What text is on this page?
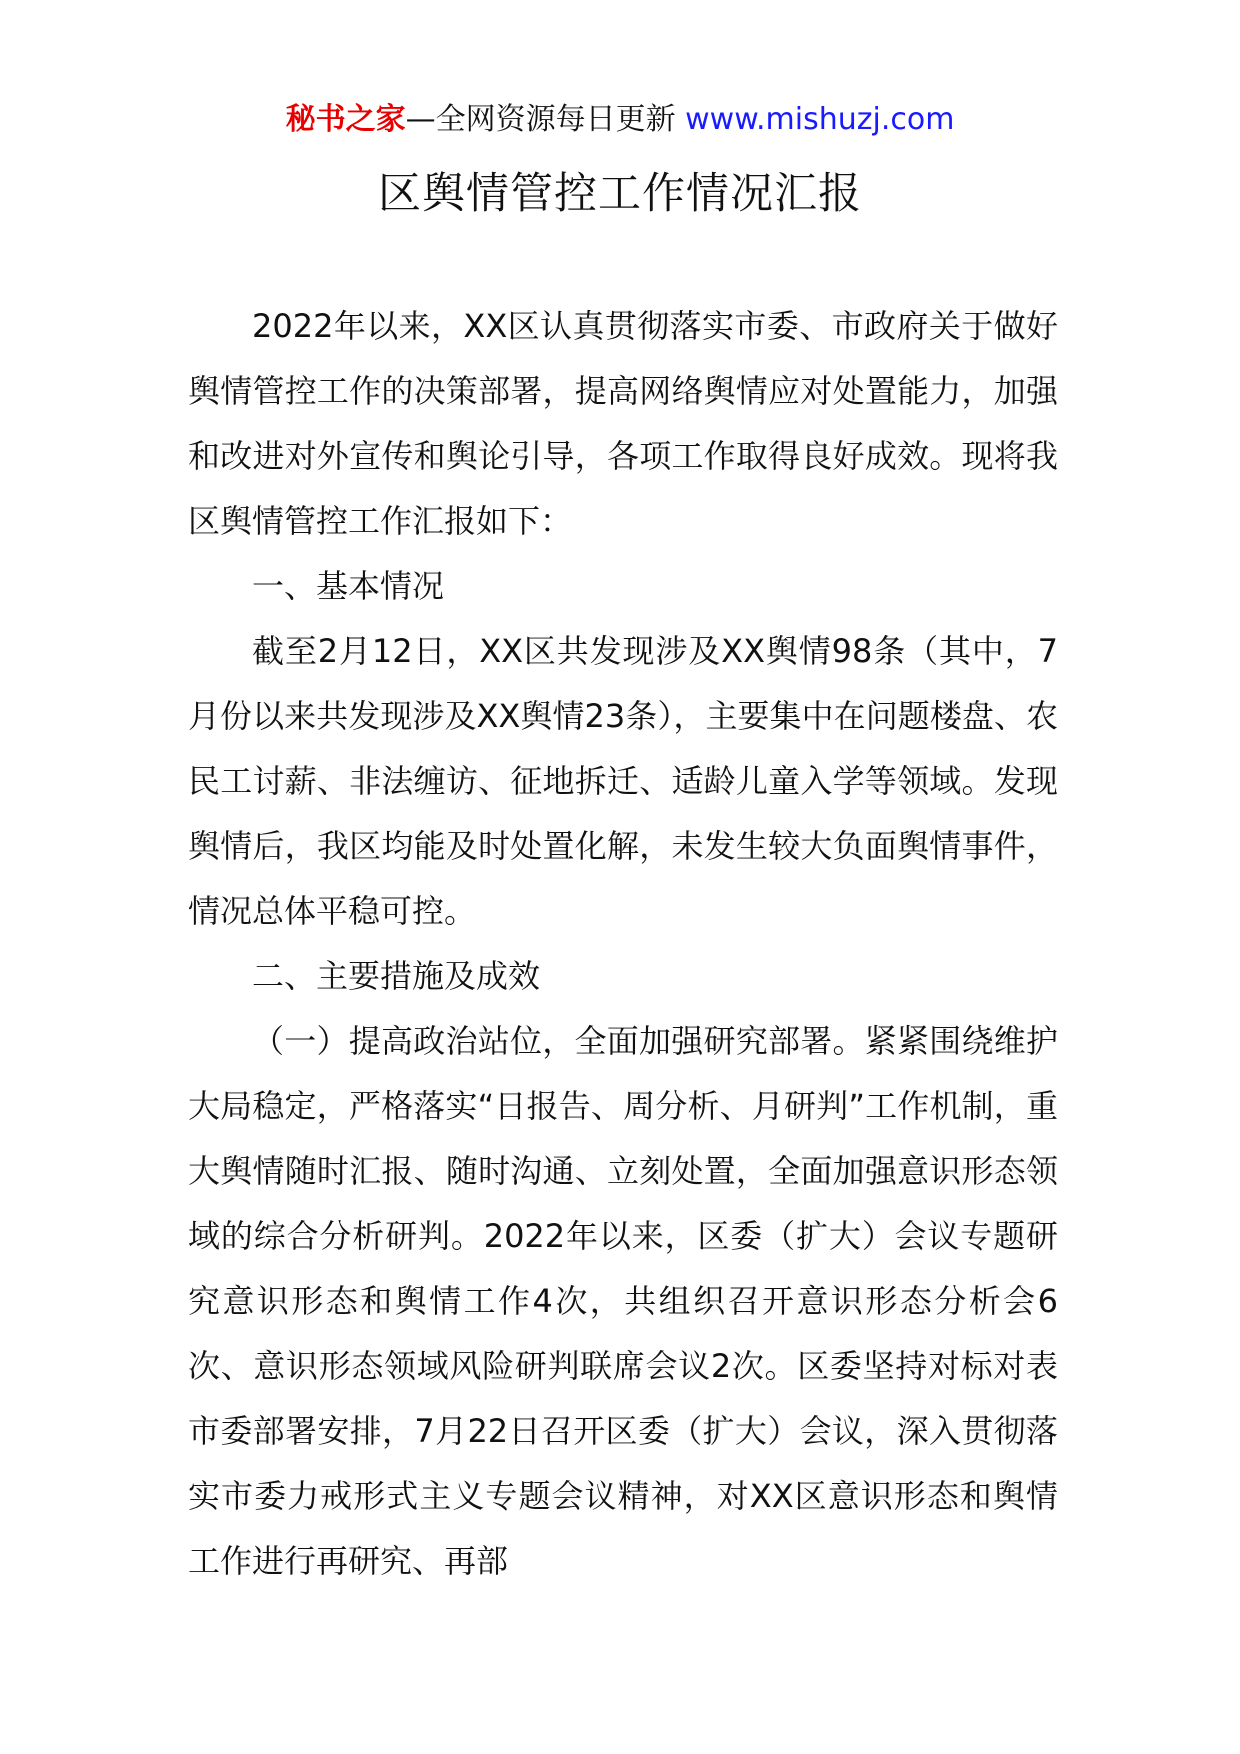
秘书之家—全网资源每日更新 www.mishuzj.com
区舆情管控工作情况汇报

2022年以来，XX区认真贯彻落实市委、市政府关于做好舆情管控工作的决策部署，提高网络舆情应对处置能力，加强和改进对外宣传和舆论引导，各项工作取得良好成效。现将我区舆情管控工作汇报如下：

一、基本情况

截至2月12日，XX区共发现涉及XX舆情98条（其中，7月份以来共发现涉及XX舆情23条），主要集中在问题楼盘、农民工讨薪、非法缠访、征地拆迁、适龄儿童入学等领域。发现舆情后，我区均能及时处置化解，未发生较大负面舆情事件，情况总体平稳可控。

二、主要措施及成效

（一）提高政治站位，全面加强研究部署。紧紧围绕维护大局稳定，严格落实“日报告、周分析、月研判”工作机制，重大舆情随时汇报、随时沟通、立刻处置，全面加强意识形态领域的综合分析研判。2022年以来，区委（扩大）会议专题研究意识形态和舆情工作4次，共组织召开意识形态分析会6次、意识形态领域风险研判联席会议2次。区委坚持对标对表市委部署安排，7月22日召开区委（扩大）会议，深入贯彻落实市委力戒形式主义专题会议精神，对XX区意识形态和舆情工作进行再研究、再部
